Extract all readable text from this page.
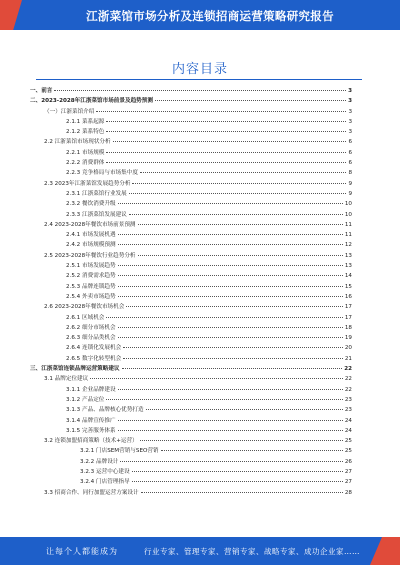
江浙菜馆市场分析及连锁招商运营策略研究报告
内容目录
一、前言	3
二、2023-2028年江浙菜馆市场前景及趋势预测	3
（一）江浙菜馆介绍	3
2.1.1 菜系起源	3
2.1.2 菜系特色	3
2.2 江浙菜馆市场现状分析	6
2.2.1 市场规模	6
2.2.2 消费群体	6
2.2.3 竞争格局与市场集中度	8
2.3 2023年江浙菜馆发展趋势分析	9
2.3.1 江浙菜馆行业发展	9
2.3.2 餐饮消费升级	10
2.3.3 江浙菜馆发展建议	10
2.4 2023-2028年餐饮市场前景预测	11
2.4.1 市场发展机遇	11
2.4.2 市场规模预测	12
2.5 2023-2028年餐饮行业趋势分析	13
2.5.1 市场发展趋势	13
2.5.2 消费需求趋势	14
2.5.3 品牌连锁趋势	15
2.5.4 外卖市场趋势	16
2.6 2023-2028年餐饮市场机会	17
2.6.1 区域机会	17
2.6.2 细分市场机会	18
2.6.3 细分品类机会	19
2.6.4 连锁化发展机会	20
2.6.5 数字化转型机会	21
三、江浙菜馆连锁品牌运营策略建议	22
3.1 品牌定位建议	22
3.1.1 企业品牌建设	22
3.1.2 产品定位	23
3.1.3 产品、品牌核心优势打造	23
3.1.4 品牌宣传推广	24
3.1.5 完善服务体系	24
3.2 连锁加盟招商策略（技术+运营）	25
3.2.1 门店SEM营销与SEO营销	25
3.2.2 品牌设计	26
3.2.3 运营中心建设	27
3.2.4 门店管理指导	27
3.3 招商合作、同行加盟运营方案设计	28
让每个人都能成为	行业专家、管理专家、营销专家、战略专家、成功企业家……
